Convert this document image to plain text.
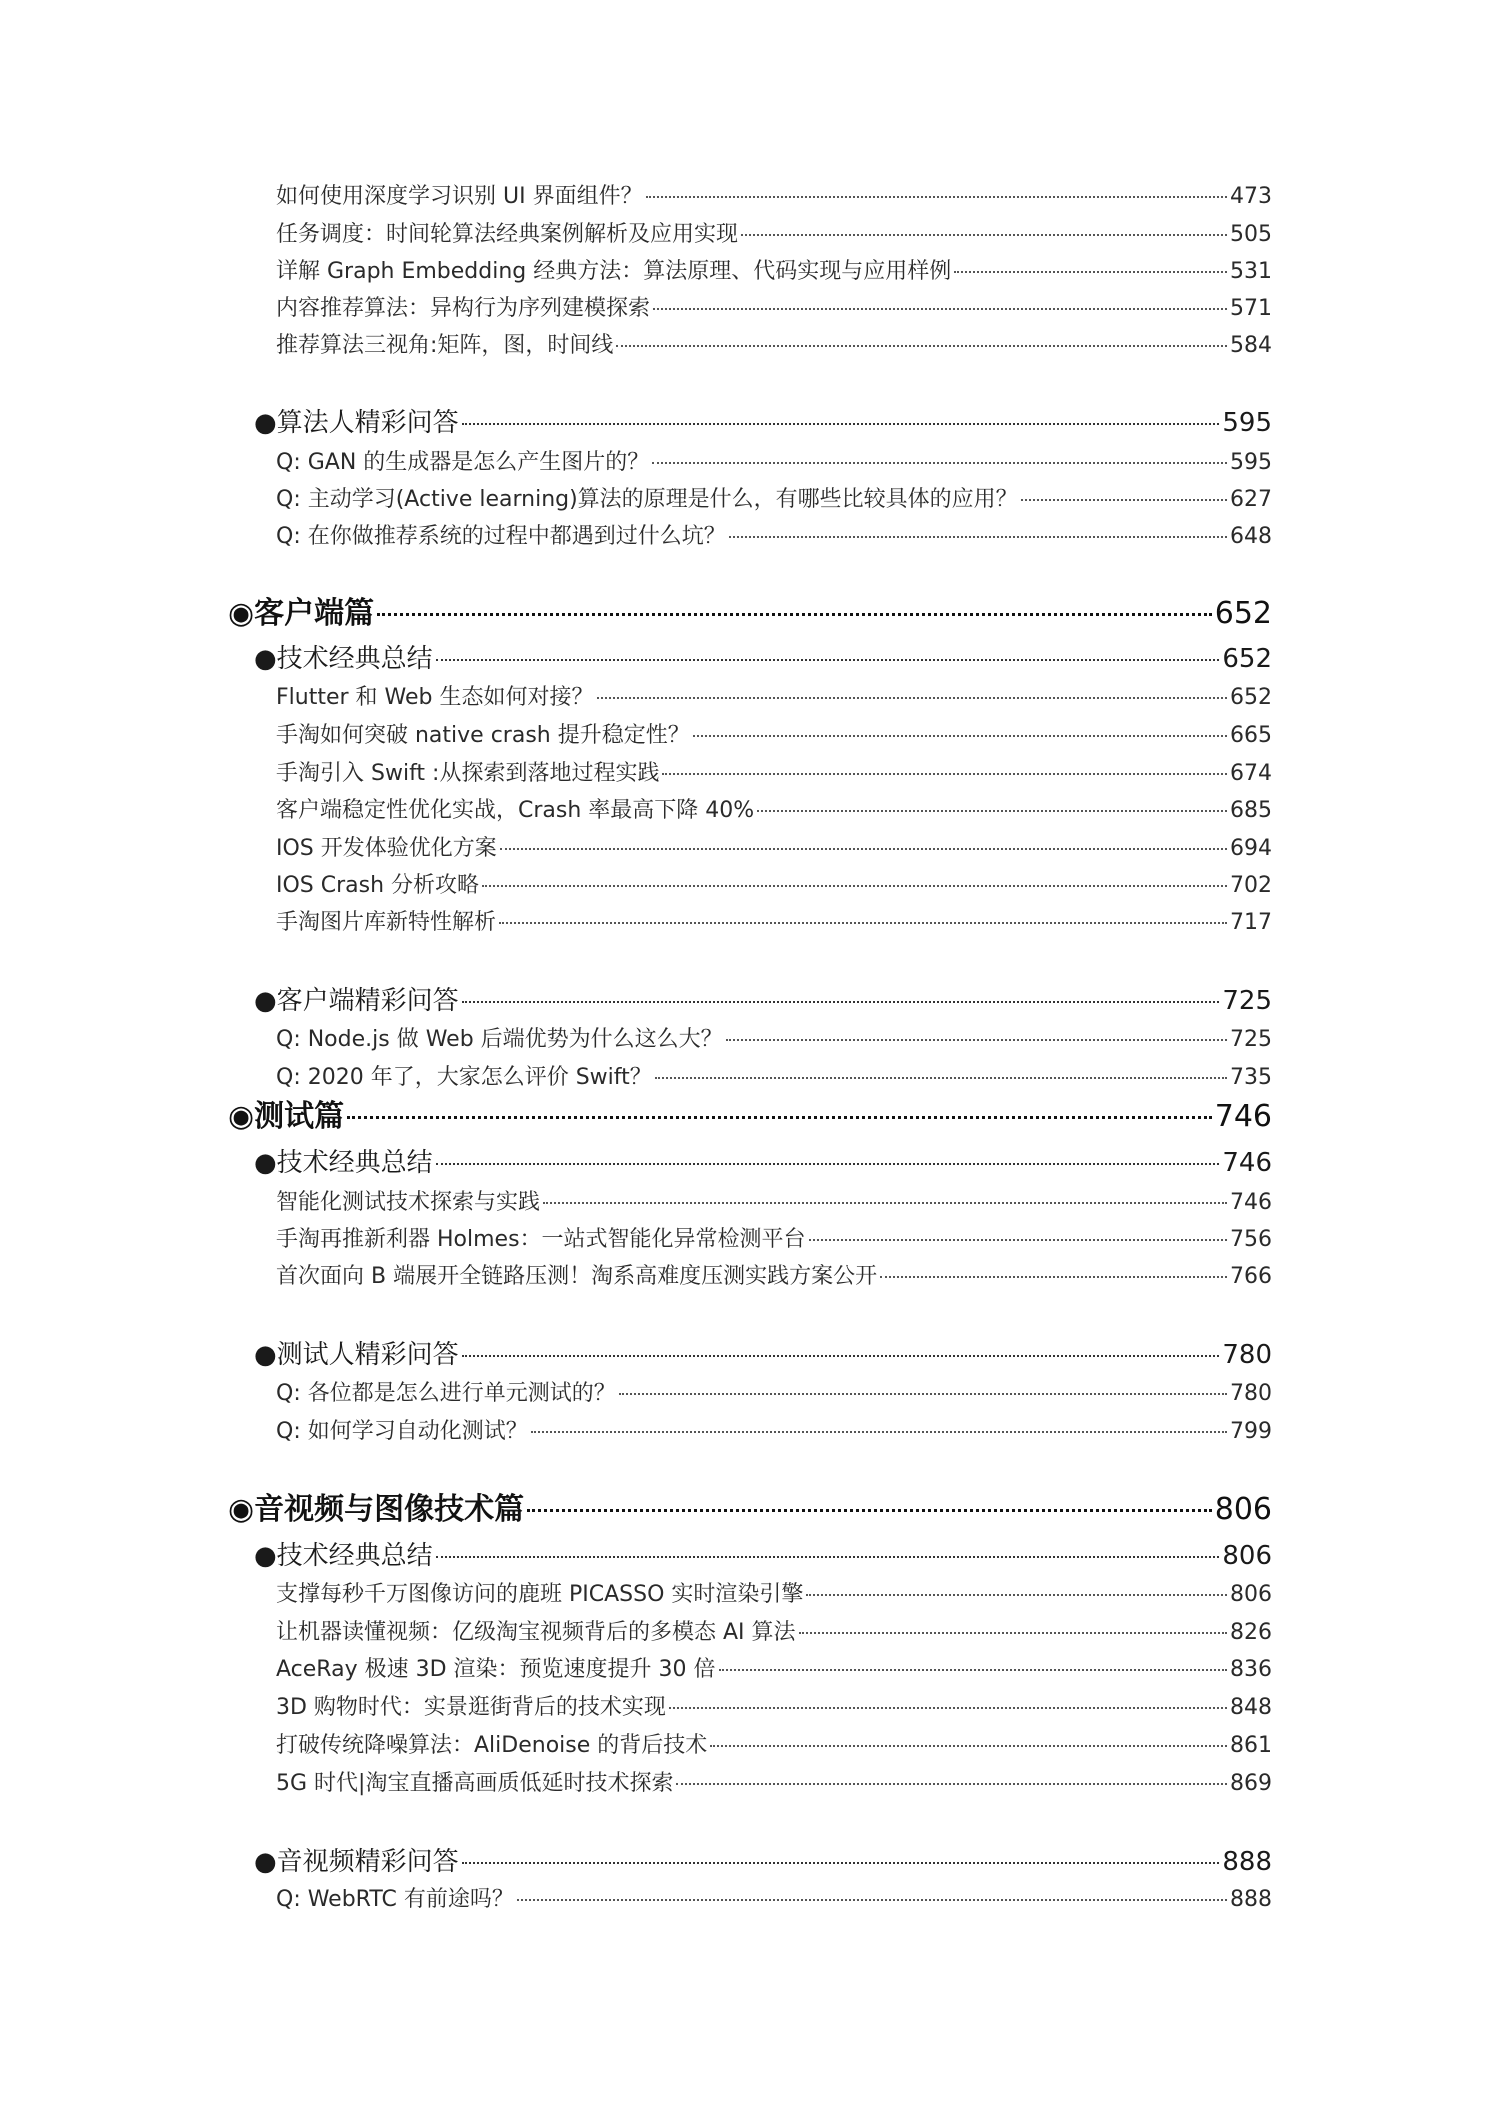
如何使用深度学习识别 UI 界面组件？	473
任务调度：时间轮算法经典案例解析及应用实现	505
详解 Graph Embedding 经典方法：算法原理、代码实现与应用样例	531
内容推荐算法：异构行为序列建模探索	571
推荐算法三视角:矩阵，图，时间线	584
●算法人精彩问答	595
Q: GAN 的生成器是怎么产生图片的？	595
Q: 主动学习(Active learning)算法的原理是什么，有哪些比较具体的应用？	627
Q: 在你做推荐系统的过程中都遇到过什么坑？	648
◉客户端篇	652
●技术经典总结	652
Flutter 和 Web 生态如何对接？	652
手淘如何突破 native crash 提升稳定性？	665
手淘引入 Swift :从探索到落地过程实践	674
客户端稳定性优化实战，Crash 率最高下降 40%	685
IOS 开发体验优化方案	694
IOS Crash 分析攻略	702
手淘图片库新特性解析	717
●客户端精彩问答	725
Q: Node.js 做 Web 后端优势为什么这么大？	725
Q: 2020 年了，大家怎么评价 Swift？	735
◉测试篇	746
●技术经典总结	746
智能化测试技术探索与实践	746
手淘再推新利器 Holmes：一站式智能化异常检测平台	756
首次面向 B 端展开全链路压测！淘系高难度压测实践方案公开	766
●测试人精彩问答	780
Q: 各位都是怎么进行单元测试的？	780
Q: 如何学习自动化测试？	799
◉音视频与图像技术篇	806
●技术经典总结	806
支撑每秒千万图像访问的鹿班 PICASSO 实时渲染引擎	806
让机器读懂视频：亿级淘宝视频背后的多模态 AI 算法	826
AceRay 极速 3D 渲染：预览速度提升 30 倍	836
3D 购物时代：实景逛街背后的技术实现	848
打破传统降噪算法：AliDenoise 的背后技术	861
5G 时代|淘宝直播高画质低延时技术探索	869
●音视频精彩问答	888
Q: WebRTC 有前途吗？	888
